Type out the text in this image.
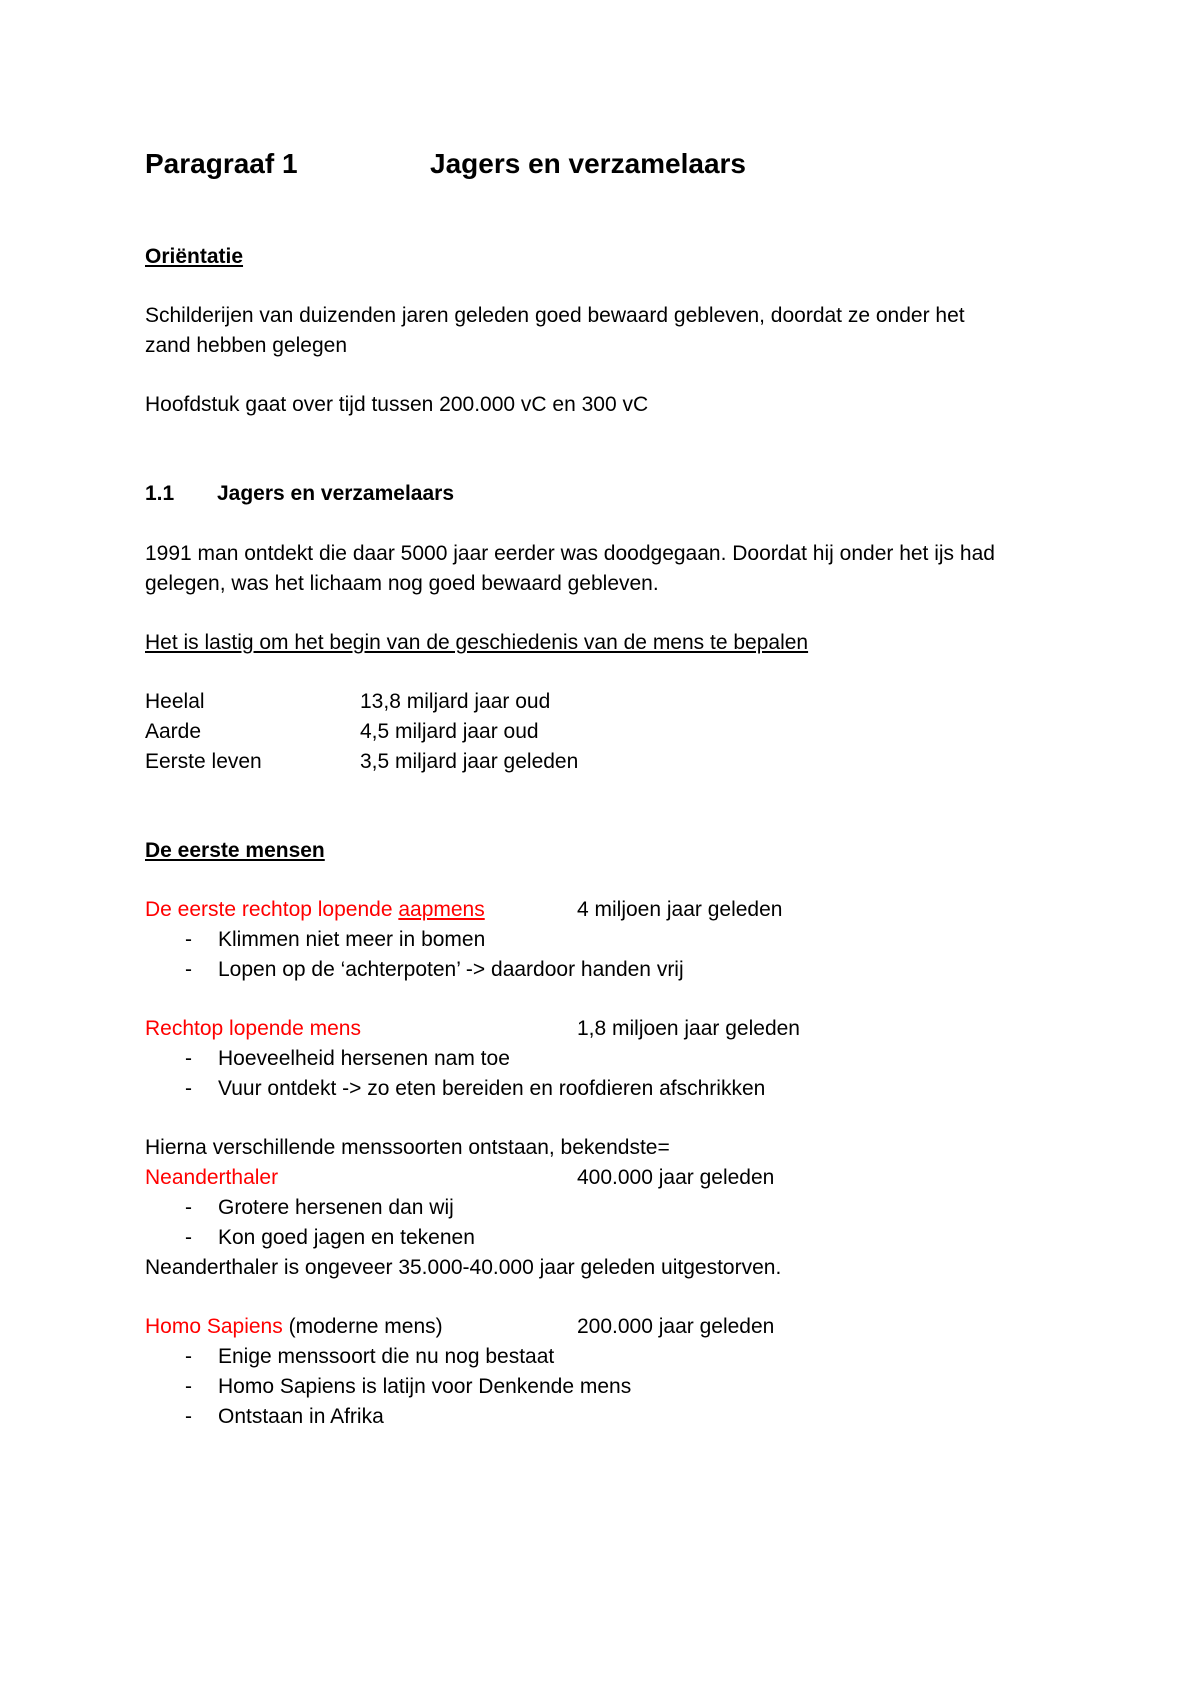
Paragraaf 1	Jagers en verzamelaars
Oriëntatie
Schilderijen van duizenden jaren geleden goed bewaard gebleven, doordat ze onder het
zand hebben gelegen
Hoofdstuk gaat over tijd tussen 200.000 vC en 300 vC
1.1 Jagers en verzamelaars
1991 man ontdekt die daar 5000 jaar eerder was doodgegaan. Doordat hij onder het ijs had
gelegen, was het lichaam nog goed bewaard gebleven.
Het is lastig om het begin van de geschiedenis van de mens te bepalen
Heelal	13,8 miljard jaar oud
Aarde	4,5 miljard jaar oud
Eerste leven	3,5 miljard jaar geleden
De eerste mensen
De eerste rechtop lopende aapmens	4 miljoen jaar geleden
- Klimmen niet meer in bomen
- Lopen op de ‘achterpoten’ -> daardoor handen vrij
Rechtop lopende mens	1,8 miljoen jaar geleden
- Hoeveelheid hersenen nam toe
- Vuur ontdekt -> zo eten bereiden en roofdieren afschrikken
Hierna verschillende menssoorten ontstaan, bekendste=
Neanderthaler	400.000 jaar geleden
- Grotere hersenen dan wij
- Kon goed jagen en tekenen
Neanderthaler is ongeveer 35.000-40.000 jaar geleden uitgestorven.
Homo Sapiens (moderne mens)	200.000 jaar geleden
- Enige menssoort die nu nog bestaat
- Homo Sapiens is latijn voor Denkende mens
- Ontstaan in Afrika
